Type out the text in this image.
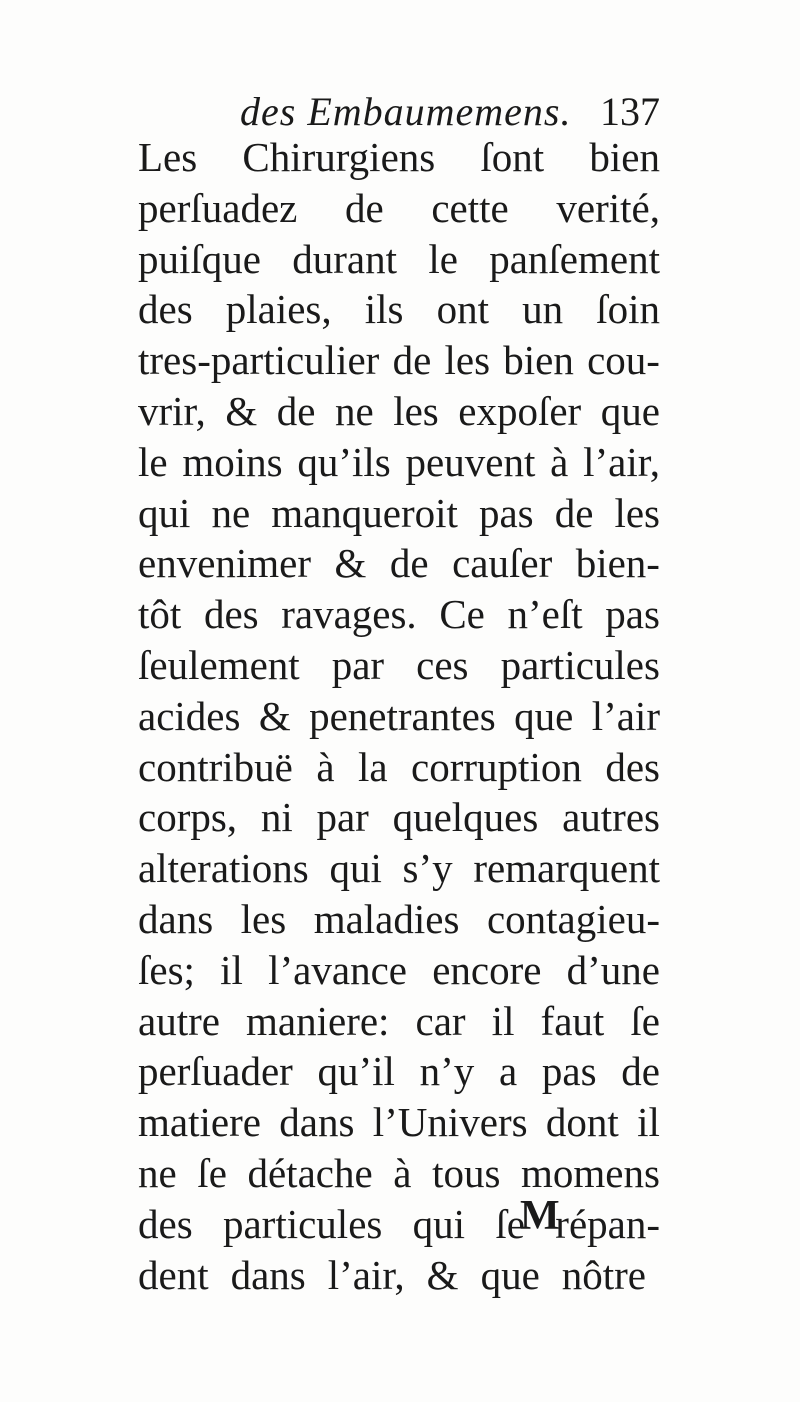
des Embaumemens. 137
Les Chirurgiens ſont bien
perſuadez de cette verité,
puiſque durant le panſement
des plaies, ils ont un ſoin
tres-particulier de les bien cou-
vrir, & de ne les expoſer que
le moins qu’ils peuvent à l’air,
qui ne manqueroit pas de les
envenimer & de cauſer bien-
tôt des ravages. Ce n’eſt pas
ſeulement par ces particules
acides & penetrantes que l’air
contribuë à la corruption des
corps, ni par quelques autres
alterations qui s’y remarquent
dans les maladies contagieu-
ſes; il l’avance encore d’une
autre maniere: car il faut ſe
perſuader qu’il n’y a pas de
matiere dans l’Univers dont il
ne ſe détache à tous momens
des particules qui ſe répan-
dent dans l’air, & que nôtre
M
